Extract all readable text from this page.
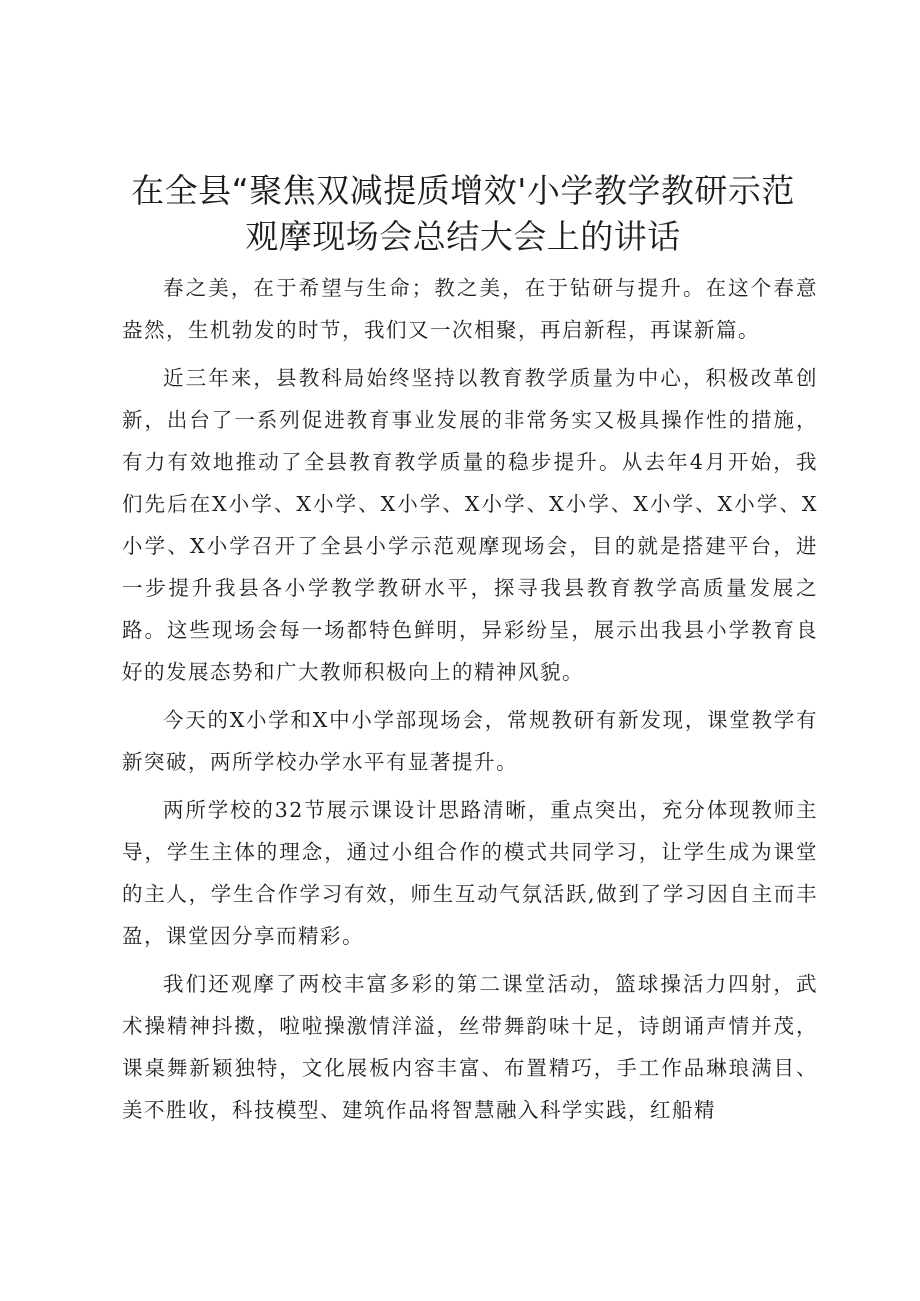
在全县“聚焦双减提质增效'小学教学教研示范
观摩现场会总结大会上的讲话

春之美，在于希望与生命；教之美，在于钻研与提升。在这个春意盎然，生机勃发的时节，我们又一次相聚，再启新程，再谋新篇。

近三年来，县教科局始终坚持以教育教学质量为中心，积极改革创新，出台了一系列促进教育事业发展的非常务实又极具操作性的措施，有力有效地推动了全县教育教学质量的稳步提升。从去年4月开始，我们先后在X小学、X小学、X小学、X小学、X小学、X小学、X小学、X小学、X小学召开了全县小学示范观摩现场会，目的就是搭建平台，进一步提升我县各小学教学教研水平，探寻我县教育教学高质量发展之路。这些现场会每一场都特色鲜明，异彩纷呈，展示出我县小学教育良好的发展态势和广大教师积极向上的精神风貌。

今天的X小学和X中小学部现场会，常规教研有新发现，课堂教学有新突破，两所学校办学水平有显著提升。

两所学校的32节展示课设计思路清晰，重点突出，充分体现教师主导，学生主体的理念，通过小组合作的模式共同学习，让学生成为课堂的主人，学生合作学习有效，师生互动气氛活跃,做到了学习因自主而丰盈，课堂因分享而精彩。

我们还观摩了两校丰富多彩的第二课堂活动，篮球操活力四射，武术操精神抖擞，啦啦操激情洋溢，丝带舞韵味十足，诗朗诵声情并茂，课桌舞新颖独特，文化展板内容丰富、布置精巧，手工作品琳琅满目、美不胜收，科技模型、建筑作品将智慧融入科学实践，红船精
